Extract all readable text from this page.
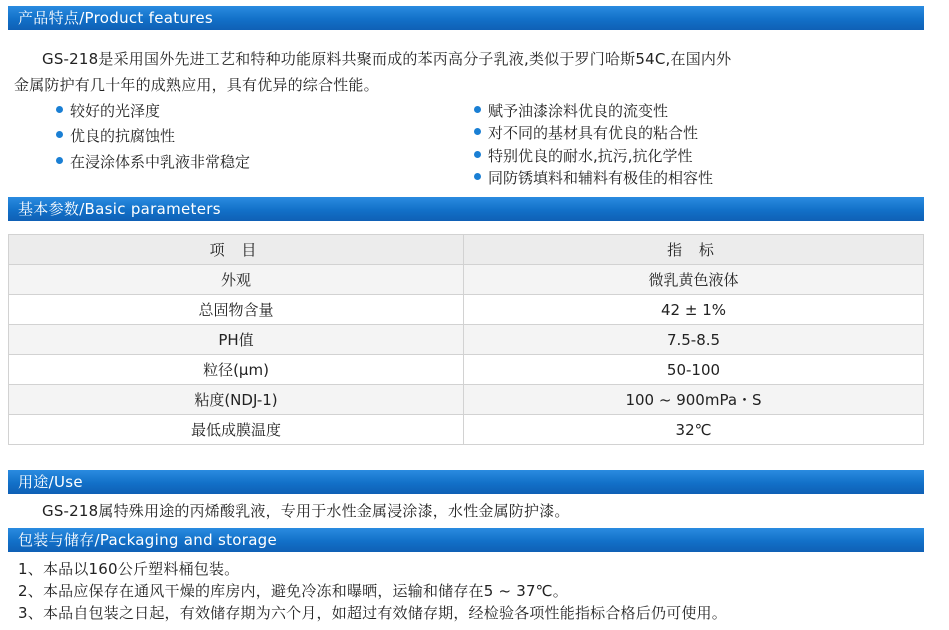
产品特点/Product features
GS-218是采用国外先进工艺和特种功能原料共聚而成的苯丙高分子乳液,类似于罗门哈斯54C,在国内外
金属防护有几十年的成熟应用，具有优异的综合性能。
较好的光泽度
优良的抗腐蚀性
在浸涂体系中乳液非常稳定
赋予油漆涂料优良的流变性
对不同的基材具有优良的粘合性
特别优良的耐水,抗污,抗化学性
同防锈填料和辅料有极佳的相容性
基本参数/Basic parameters
项 目	指 标
外观	微乳黄色液体
总固物含量	42 ± 1%
PH值	7.5-8.5
粒径(μm)	50-100
粘度(NDJ-1)	100 ~ 900mPa・S
最低成膜温度	32℃
用途/Use
GS-218属特殊用途的丙烯酸乳液，专用于水性金属浸涂漆，水性金属防护漆。
包装与储存/Packaging and storage
1、本品以160公斤塑料桶包装。
2、本品应保存在通风干燥的库房内，避免冷冻和曝晒，运输和储存在5 ~ 37℃。
3、本品自包装之日起，有效储存期为六个月，如超过有效储存期，经检验各项性能指标合格后仍可使用。
